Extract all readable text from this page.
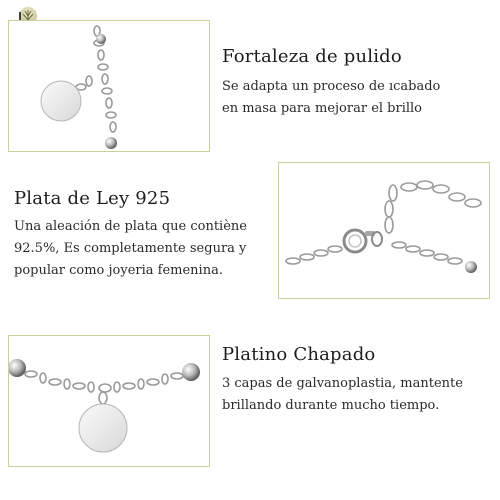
Fortaleza de pulido

Se adapta un proceso de ıcabado
en masa para mejorar el brillo

Plata de Ley 925

Una aleación de plata que contiène
92.5%, Es completamente segura y
popular como joyeria femenina.

Platino Chapado

3 capas de galvanoplastia, mantente
brillando durante mucho tiempo.
